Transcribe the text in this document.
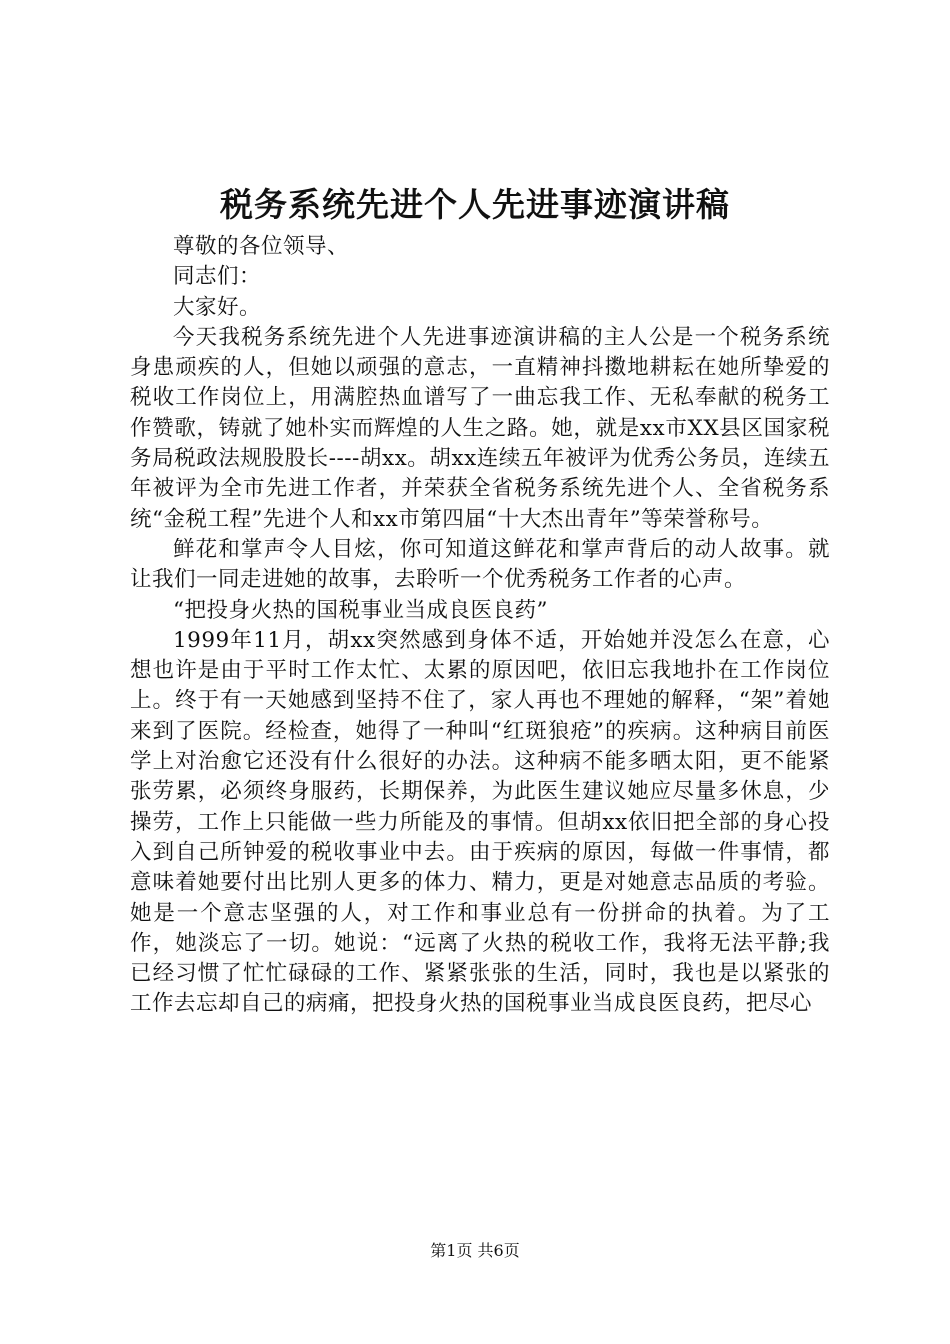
税务系统先进个人先进事迹演讲稿

尊敬的各位领导、

同志们：

大家好。

今天我税务系统先进个人先进事迹演讲稿的主人公是一个税务系统身患顽疾的人，但她以顽强的意志，一直精神抖擞地耕耘在她所挚爱的税收工作岗位上，用满腔热血谱写了一曲忘我工作、无私奉献的税务工作赞歌，铸就了她朴实而辉煌的人生之路。她，就是xx市XX县区国家税务局税政法规股股长----胡xx。胡xx连续五年被评为优秀公务员，连续五年被评为全市先进工作者，并荣获全省税务系统先进个人、全省税务系统“金税工程”先进个人和xx市第四届“十大杰出青年”等荣誉称号。

鲜花和掌声令人目炫，你可知道这鲜花和掌声背后的动人故事。就让我们一同走进她的故事，去聆听一个优秀税务工作者的心声。

“把投身火热的国税事业当成良医良药”

1999年11月，胡xx突然感到身体不适，开始她并没怎么在意，心想也许是由于平时工作太忙、太累的原因吧，依旧忘我地扑在工作岗位上。终于有一天她感到坚持不住了，家人再也不理她的解释，“架”着她来到了医院。经检查，她得了一种叫“红斑狼疮”的疾病。这种病目前医学上对治愈它还没有什么很好的办法。这种病不能多晒太阳，更不能紧张劳累，必须终身服药，长期保养，为此医生建议她应尽量多休息，少操劳，工作上只能做一些力所能及的事情。但胡xx依旧把全部的身心投入到自己所钟爱的税收事业中去。由于疾病的原因，每做一件事情，都意味着她要付出比别人更多的体力、精力，更是对她意志品质的考验。她是一个意志坚强的人，对工作和事业总有一份拼命的执着。为了工作，她淡忘了一切。她说：“远离了火热的税收工作，我将无法平静;我已经习惯了忙忙碌碌的工作、紧紧张张的生活，同时，我也是以紧张的工作去忘却自己的病痛，把投身火热的国税事业当成良医良药，把尽心

第1页 共6页
